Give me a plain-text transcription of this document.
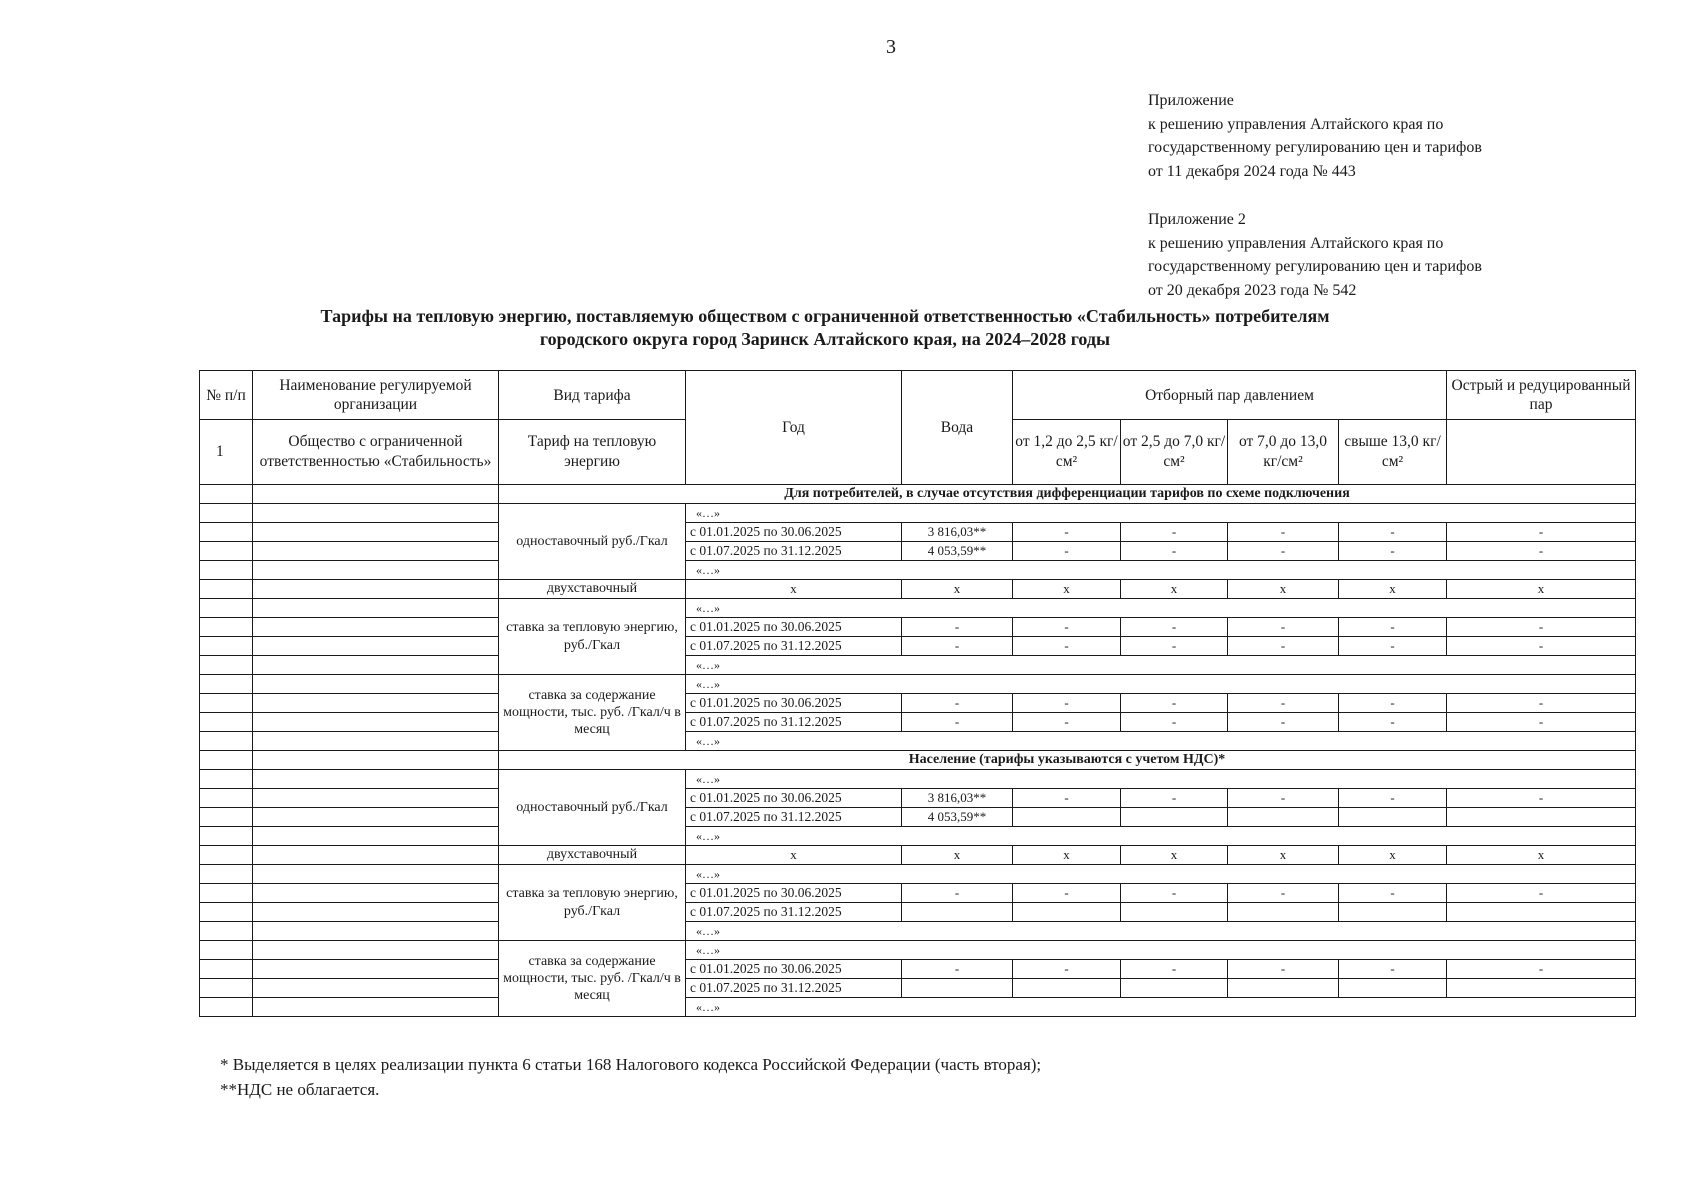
3
Приложение
к решению управления Алтайского края по
государственному регулированию цен и тарифов
от 11 декабря 2024 года № 443
Приложение 2
к решению управления Алтайского края по
государственному регулированию цен и тарифов
от 20 декабря 2023 года № 542
Тарифы на тепловую энергию, поставляемую обществом с ограниченной ответственностью «Стабильность» потребителям
городского округа город Заринск Алтайского края, на 2024–2028 годы
№ п/п	Наименование регулируемой организации	Вид тарифа	Год	Вода	Отборный пар давлением				Острый и редуцированный пар
1	Общество с ограниченной ответственностью «Стабильность»	Тариф на тепловую энергию			от 1,2 до 2,5 кг/см²	от 2,5 до 7,0 кг/см²	от 7,0 до 13,0 кг/см²	свыше 13,0 кг/см²	
		Для потребителей, в случае отсутствия дифференциации тарифов по схеме подключения							
		одноставочный руб./Гкал	«…»						
			с 01.01.2025 по 30.06.2025	3 816,03**	-	-	-	-	-
			с 01.07.2025 по 31.12.2025	4 053,59**	-	-	-	-	-
			«…»						
		двухставочный	х	х	х	х	х	х	х
		ставка за тепловую энергию, руб./Гкал	«…»						
			с 01.01.2025 по 30.06.2025	-	-	-	-	-	-
			с 01.07.2025 по 31.12.2025	-	-	-	-	-	-
			«…»						
		ставка за содержание мощности, тыс. руб. /Гкал/ч в месяц	«…»						
			с 01.01.2025 по 30.06.2025	-	-	-	-	-	-
			с 01.07.2025 по 31.12.2025	-	-	-	-	-	-
			«…»						
		Население (тарифы указываются с учетом НДС)*							
		одноставочный руб./Гкал	«…»						
			с 01.01.2025 по 30.06.2025	3 816,03**	-	-	-	-	-
			с 01.07.2025 по 31.12.2025	4 053,59**					
			«…»						
		двухставочный	х	х	х	х	х	х	х
		ставка за тепловую энергию, руб./Гкал	«…»						
			с 01.01.2025 по 30.06.2025	-	-	-	-	-	-
			с 01.07.2025 по 31.12.2025						
			«…»						
		ставка за содержание мощности, тыс. руб. /Гкал/ч в месяц	«…»						
			с 01.01.2025 по 30.06.2025	-	-	-	-	-	-
			с 01.07.2025 по 31.12.2025						
			«…»						
* Выделяется в целях реализации пункта 6 статьи 168 Налогового кодекса Российской Федерации (часть вторая);
**НДС не облагается.
